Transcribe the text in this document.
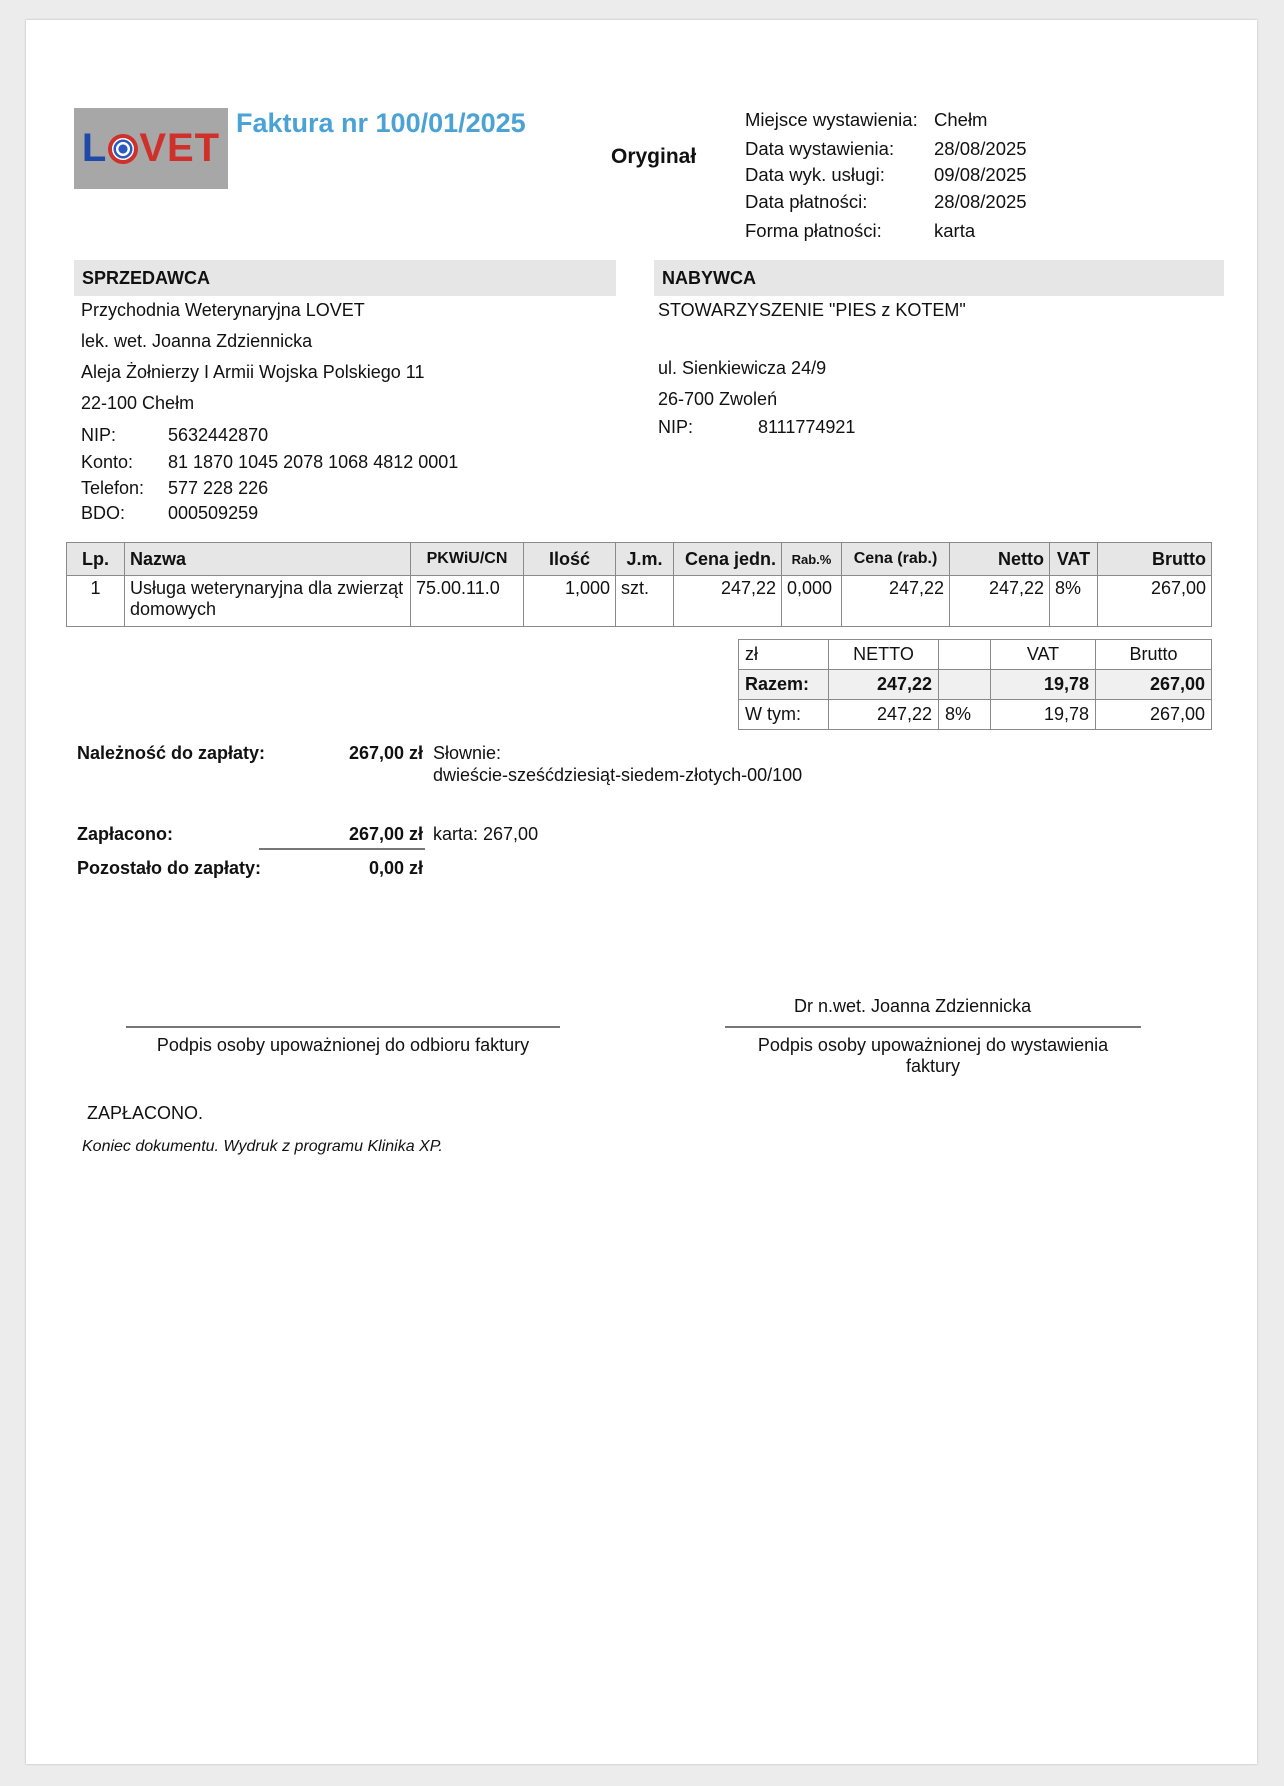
L VET
Faktura nr 100/01/2025
Oryginał
Miejsce wystawienia: Chełm
Data wystawienia:	28/08/2025
Data wyk. usługi:	09/08/2025
Data płatności:	28/08/2025
Forma płatności:	karta
SPRZEDAWCA
Przychodnia Weterynaryjna LOVET
lek. wet. Joanna Zdziennicka
Aleja Żołnierzy I Armii Wojska Polskiego 11
22-100 Chełm
NIP:	5632442870
Konto:	81 1870 1045 2078 1068 4812 0001
Telefon:	577 228 226
BDO:	000509259
NABYWCA
STOWARZYSZENIE "PIES z KOTEM"
ul. Sienkiewicza 24/9
26-700 Zwoleń
NIP:	8111774921
Lp.	Nazwa	PKWiU/CN	Ilość	J.m.	Cena jedn.	Rab.%	Cena (rab.)	Netto	VAT	Brutto
1	Usługa weterynaryjna dla zwierząt domowych	75.00.11.0	1,000	szt.	247,22	0,000	247,22	247,22	8%	267,00
zł	NETTO		VAT	Brutto
Razem:	247,22		19,78	267,00
W tym:	247,22	8%	19,78	267,00
Należność do zapłaty:	267,00 zł Słownie:
dwieście-sześćdziesiąt-siedem-złotych-00/100
Zapłacono:	267,00 zł karta: 267,00
Pozostało do zapłaty:	0,00 zł
Dr n.wet. Joanna Zdziennicka
Podpis osoby upoważnionej do odbioru faktury	Podpis osoby upoważnionej do wystawienia faktury
ZAPŁACONO.
Koniec dokumentu. Wydruk z programu Klinika XP.
